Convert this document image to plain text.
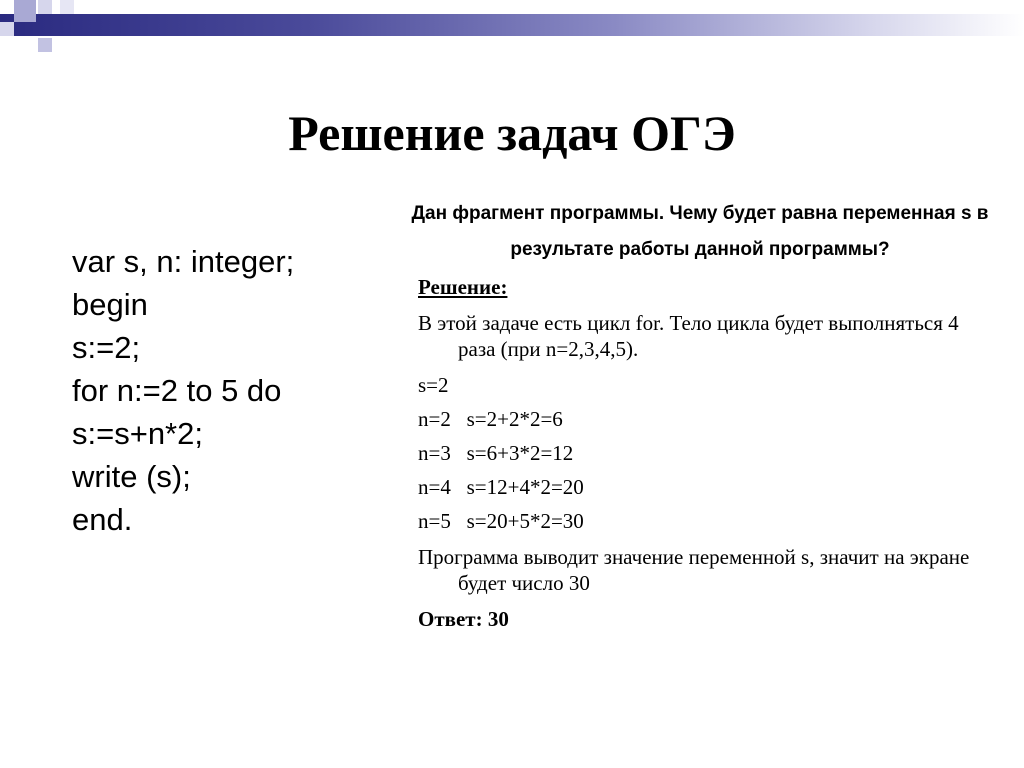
Решение задач ОГЭ
var s, n: integer;
begin
s:=2;
for n:=2 to 5 do
s:=s+n*2;
write (s);
end.
Дан фрагмент программы. Чему будет равна переменная s в результате работы данной программы?
Решение:
В этой задаче есть цикл for. Тело цикла будет выполняться 4 раза (при n=2,3,4,5).
s=2
n=2   s=2+2*2=6
n=3   s=6+3*2=12
n=4   s=12+4*2=20
n=5   s=20+5*2=30
Программа выводит значение переменной s, значит на экране будет число 30
Ответ: 30
